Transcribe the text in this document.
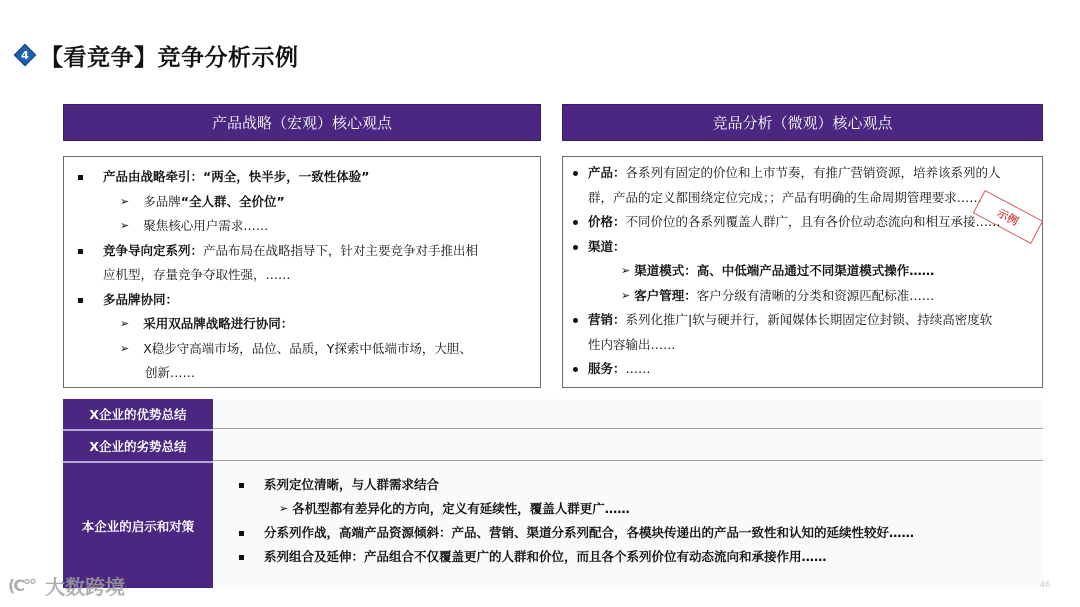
4 【看竞争】竞争分析示例
产品战略（宏观）核心观点
产品由战略牵引：“两全，快半步，一致性体验”
➢ 多品牌“全人群、全价位”
➢ 聚焦核心用户需求……
竞争导向定系列：产品布局在战略指导下，针对主要竞争对手推出相
应机型，存量竞争夺取性强，……
多品牌协同：
➢ 采用双品牌战略进行协同：
➢ X稳步守高端市场，品位、品质，Y探索中低端市场，大胆、
创新……
竞品分析（微观）核心观点
产品：各系列有固定的价位和上市节奏，有推广营销资源，培养该系列的人
群，产品的定义都围绕定位完成；；产品有明确的生命周期管理要求……
价格：不同价位的各系列覆盖人群广，且有各价位动态流向和相互承接……
渠道：
➢ 渠道模式：高、中低端产品通过不同渠道模式操作……
➢ 客户管理：客户分级有清晰的分类和资源匹配标准……
营销：系列化推广|软与硬并行，新闻媒体长期固定位封锁、持续高密度软
性内容输出……
服务：……
示例
X企业的优势总结
X企业的劣势总结
本企业的启示和对策
系列定位清晰，与人群需求结合
➢ 各机型都有差异化的方向，定义有延续性，覆盖人群更广……
分系列作战，高端产品资源倾斜：产品、营销、渠道分系列配合，各模块传递出的产品一致性和认知的延续性较好……
系列组合及延伸：产品组合不仅覆盖更广的人群和价位，而且各个系列价位有动态流向和承接作用……
(C°° 大数跨境	46
